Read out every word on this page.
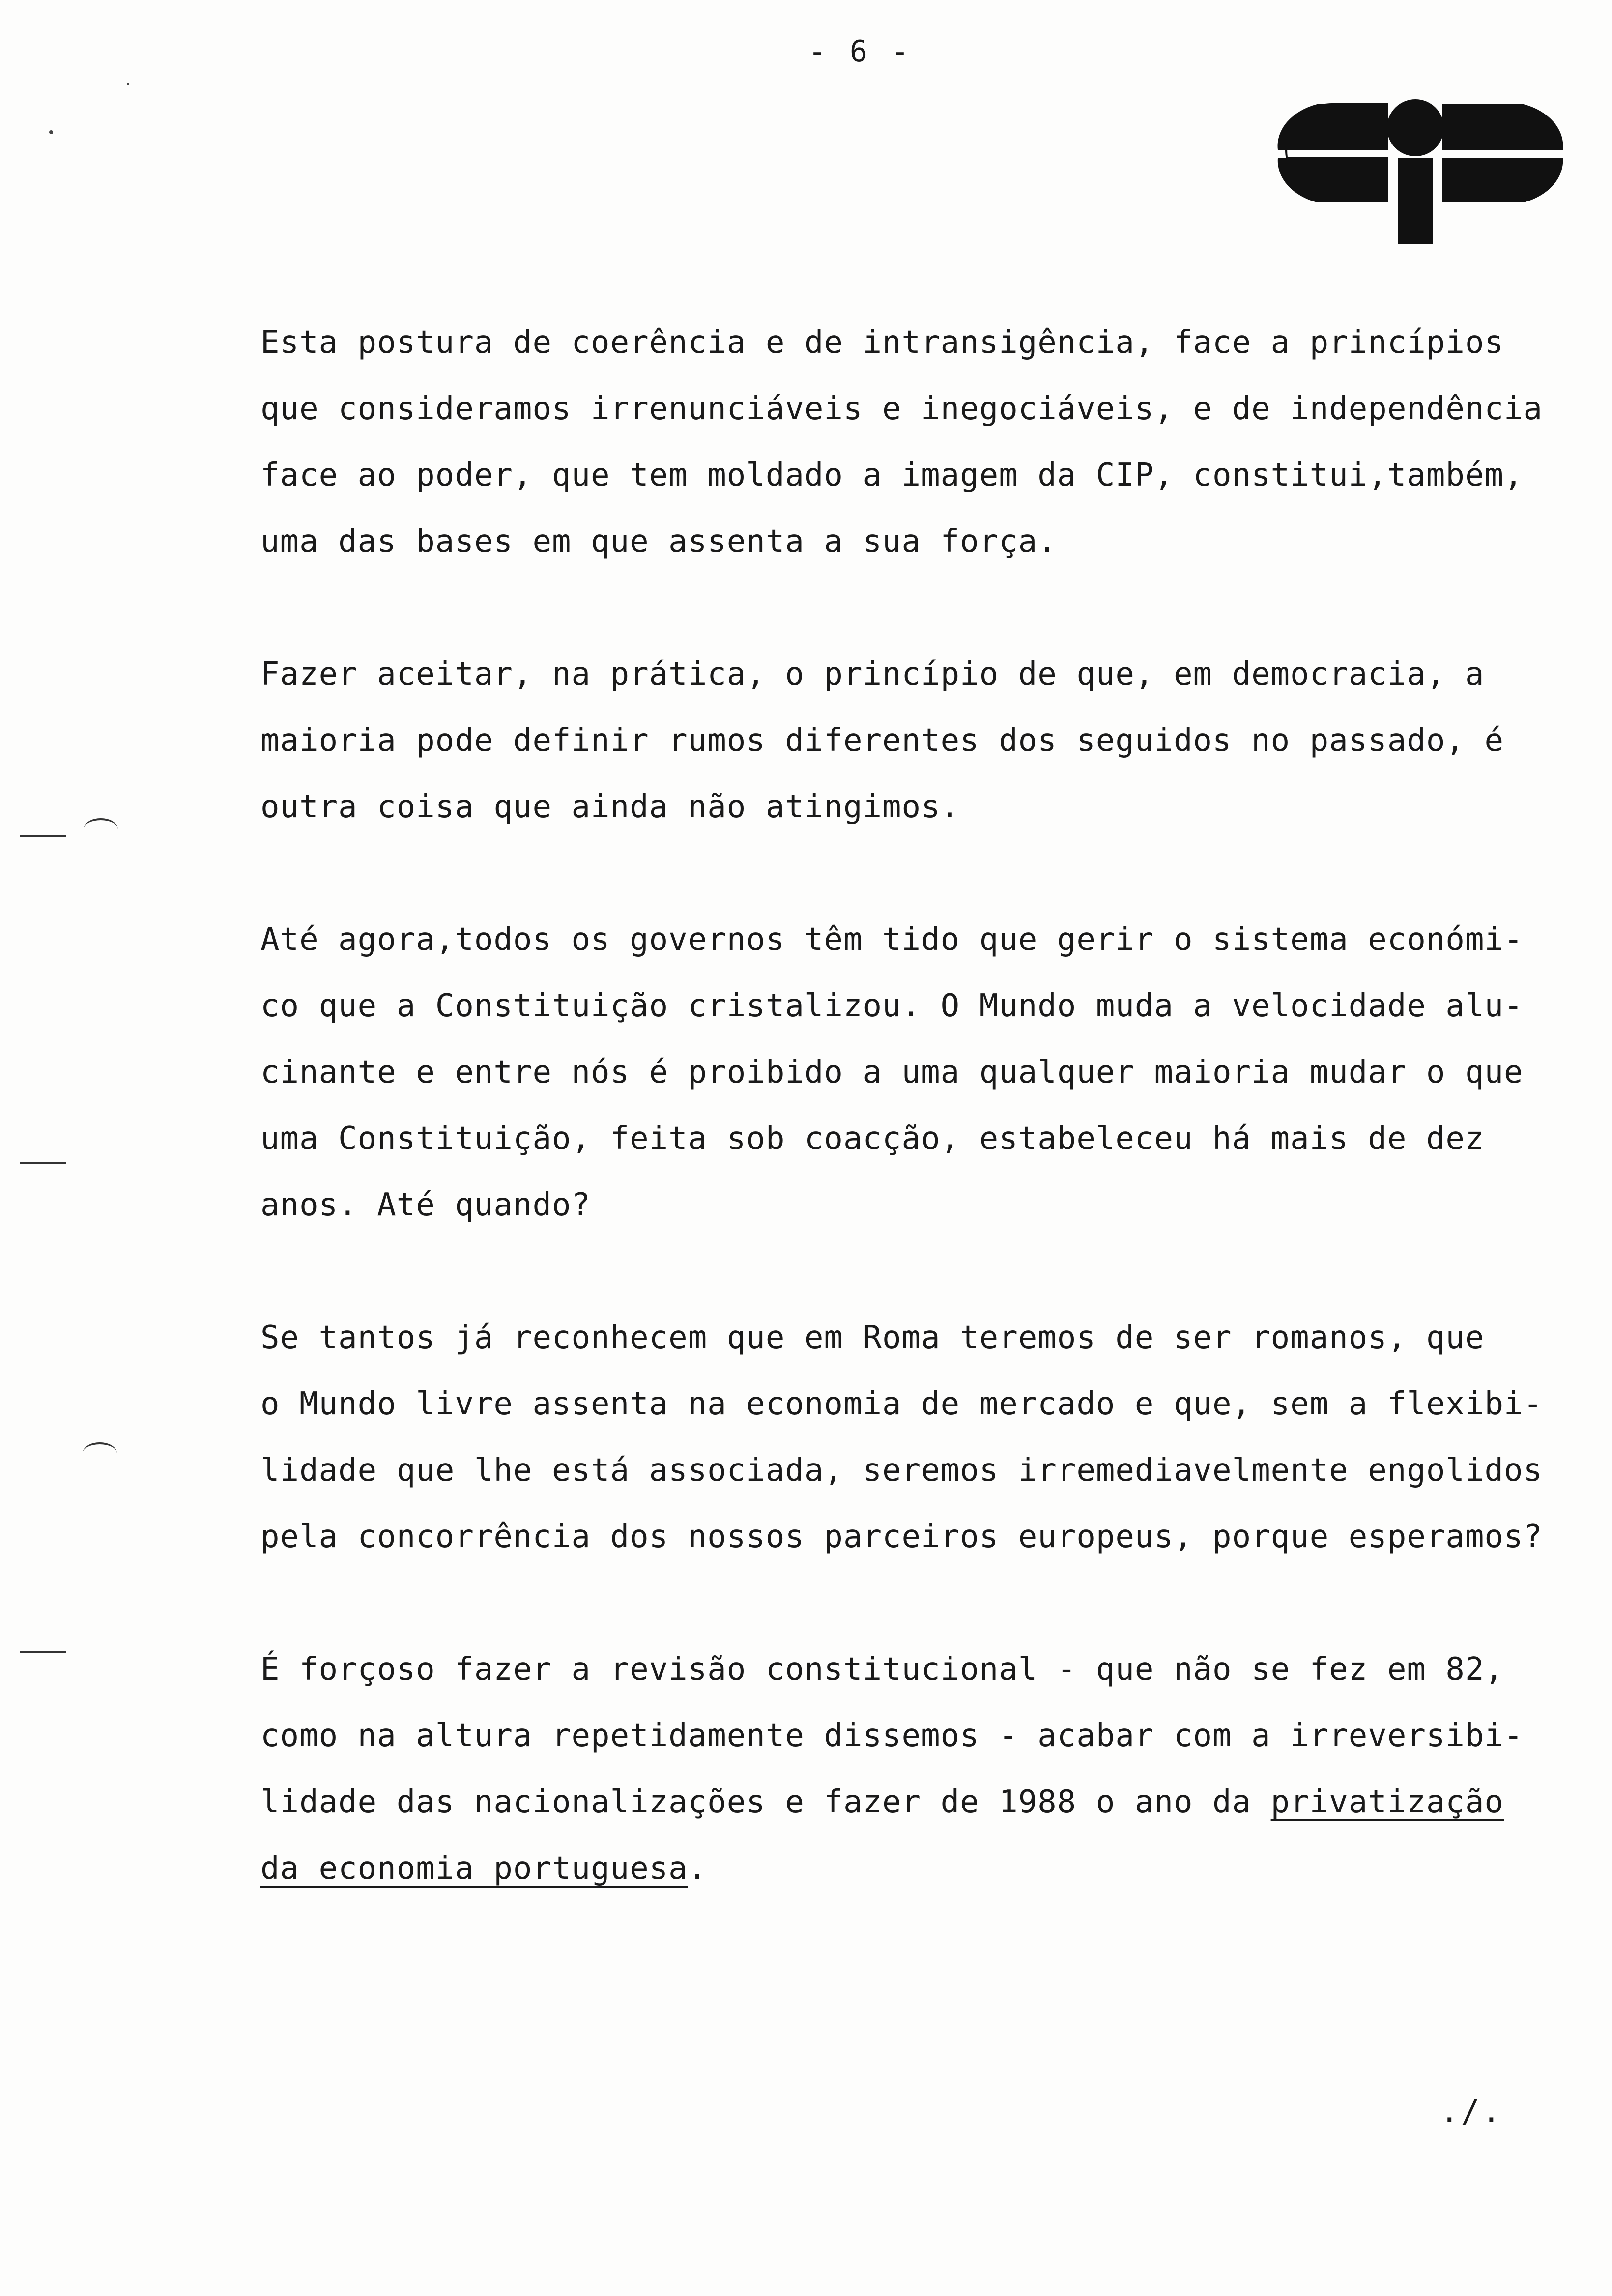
- 6 -
Esta postura de coerência e de intransigência, face a princípios
que consideramos irrenunciáveis e inegociáveis, e de independência
face ao poder, que tem moldado a imagem da CIP, constitui,também,
uma das bases em que assenta a sua força.
Fazer aceitar, na prática, o princípio de que, em democracia, a
maioria pode definir rumos diferentes dos seguidos no passado, é
outra coisa que ainda não atingimos.
Até agora,todos os governos têm tido que gerir o sistema económi-
co que a Constituição cristalizou. O Mundo muda a velocidade alu-
cinante e entre nós é proibido a uma qualquer maioria mudar o que
uma Constituição, feita sob coacção, estabeleceu há mais de dez
anos. Até quando?
Se tantos já reconhecem que em Roma teremos de ser romanos, que
o Mundo livre assenta na economia de mercado e que, sem a flexibi-
lidade que lhe está associada, seremos irremediavelmente engolidos
pela concorrência dos nossos parceiros europeus, porque esperamos?
É forçoso fazer a revisão constitucional - que não se fez em 82,
como na altura repetidamente dissemos - acabar com a irreversibi-
lidade das nacionalizações e fazer de 1988 o ano da privatização
da economia portuguesa.
./.
